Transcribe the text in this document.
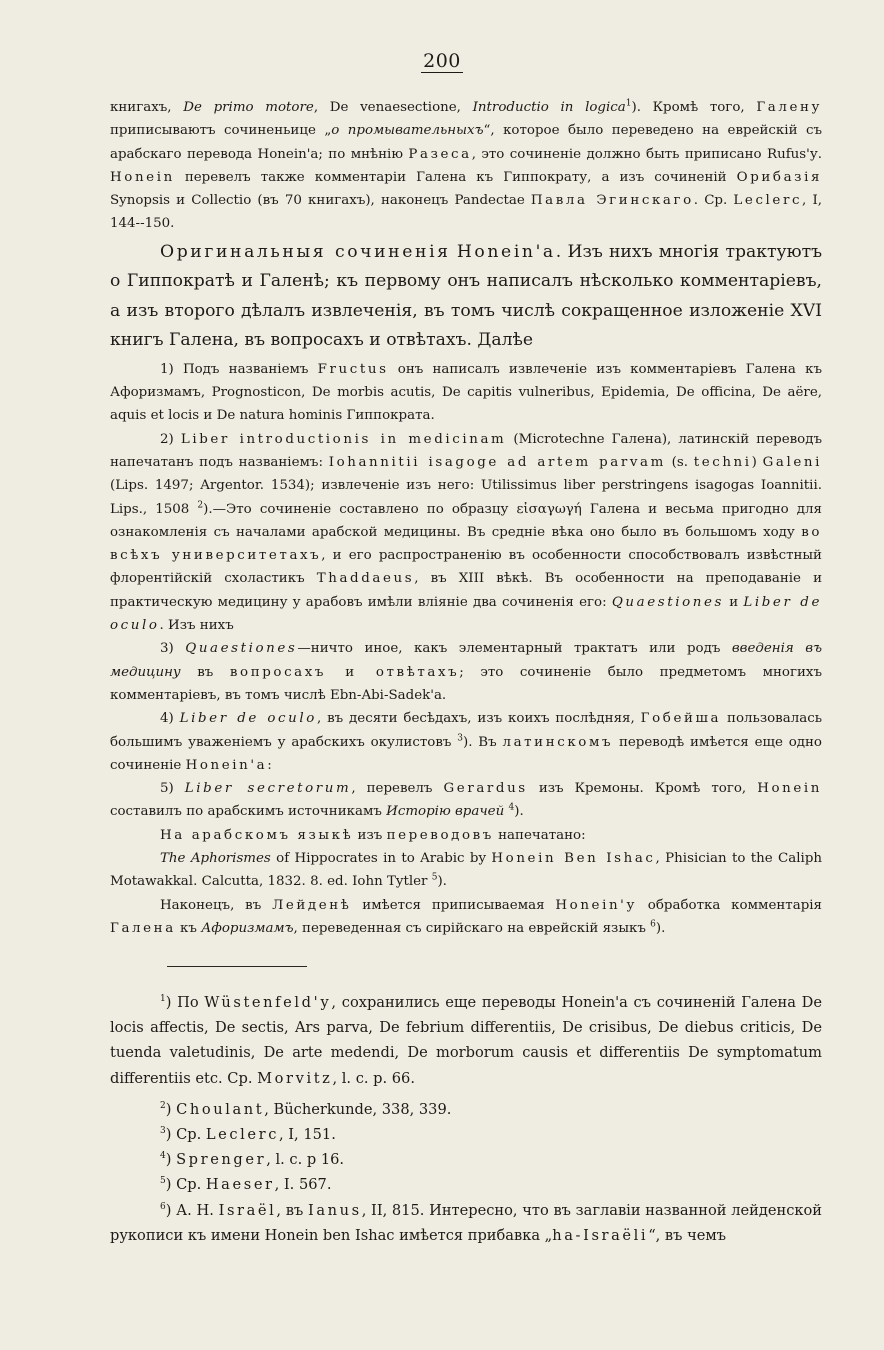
200

книгахъ, De primo motore, De venaesectione, Introductio in logica$^1$). Кромѣ того, Галену приписываютъ сочиненьице „о промывательныхъ“, которое было переведено на еврейскій съ арабскаго перевода Honein'а; по мнѣнію Разеса, это сочиненіе должно быть приписано Rufus'у. Honein перевелъ также комментаріи Галена къ Гиппократу, а изъ сочиненій Орибазія Synopsis и Collectio (въ 70 книгахъ), наконецъ Pandectae Павла Эгинскаго. Ср. Leclerc, I, 144--150.

Оригинальныя сочиненія Honein'а. Изъ нихъ многія трактуютъ о Гиппократѣ и Галенѣ; къ первому онъ написалъ нѣсколько комментаріевъ, а изъ второго дѣлалъ извлеченія, въ томъ числѣ сокращенное изложеніе XVI книгъ Галена, въ вопросахъ и отвѣтахъ. Далѣе

1) Подъ названіемъ Fructus онъ написалъ извлеченіе изъ комментаріевъ Галена къ Афоризмамъ, Prognosticon, De morbis acutis, De capitis vulneribus, Epidemia, De officina, De aëre, aquis et locis и De natura hominis Гиппократа.

2) Liber introductionis in medicinam (Microtechne Галена), латинскій переводъ напечатанъ подъ названіемъ: Iohannitii isagoge ad artem parvam (s. techni) Galeni (Lips. 1497; Argentor. 1534); извлеченіе изъ него: Utilissimus liber perstringens isagogas Ioannitii. Lips., 1508 $^2$).—Это сочиненіе составлено по образцу εἰσαγωγή Галена и весьма пригодно для ознакомленія съ началами арабской медицины. Въ средніе вѣка оно было въ большомъ ходу во всѣхъ университетахъ, и его распространенію въ особенности способствовалъ извѣстный флорентійскій схоластикъ Thaddaeus, въ XIII вѣкѣ. Въ особенности на преподаваніе и практическую медицину у арабовъ имѣли вліяніе два сочиненія его: Quaestiones и Liber de oculo. Изъ нихъ

3) Quaestiones—ничто иное, какъ элементарный трактатъ или родъ введенія въ медицину въ вопросахъ и отвѣтахъ; это сочиненіе было предметомъ многихъ комментаріевъ, въ томъ числѣ Ebn-Abi-Sadek'а.

4) Liber de oculo, въ десяти бесѣдахъ, изъ коихъ послѣдняя, Гобейша пользовалась большимъ уваженіемъ у арабскихъ окулистовъ $^3$). Въ латинскомъ переводѣ имѣется еще одно сочиненіе Honein'а:

5) Liber secretorum, перевелъ Gerardus изъ Кремоны. Кромѣ того, Honein составилъ по арабскимъ источникамъ Исторію врачей $^4$).

На арабскомъ языкѣ изъ переводовъ напечатано:

The Aphorismes of Hippocrates in to Arabic by Honein Ben Ishac, Phisician to the Caliph Motawakkal. Calcutta, 1832. 8. ed. Iohn Tytler $^5$).

Наконецъ, въ Лейденѣ имѣется приписываемая Honein'у обработка комментарія Галена къ Афоризмамъ, переведенная съ сирійскаго на еврейскій языкъ $^6$).

$^1$) По Wüstenfeld'у, сохранились еще переводы Honein'а съ сочиненій Галена De locis affectis, De sectis, Ars parva, De febrium differentiis, De crisibus, De diebus criticis, De tuenda valetudinis, De arte medendi, De morborum causis et differentiis De symptomatum differentiis etc. Ср. Morvitz, l. c. p. 66.

$^2$) Choulant, Bücherkunde, 338, 339.

$^3$) Ср. Leclerc, I, 151.

$^4$) Sprenger, l. c. p 16.

$^5$) Ср. Haeser, I. 567.

$^6$) А. Н. Israël, въ Ianus, II, 815. Интересно, что въ заглавіи названной лейденской рукописи къ имени Honein ben Ishac имѣется прибавка „ha-Israëli“, въ чемъ
